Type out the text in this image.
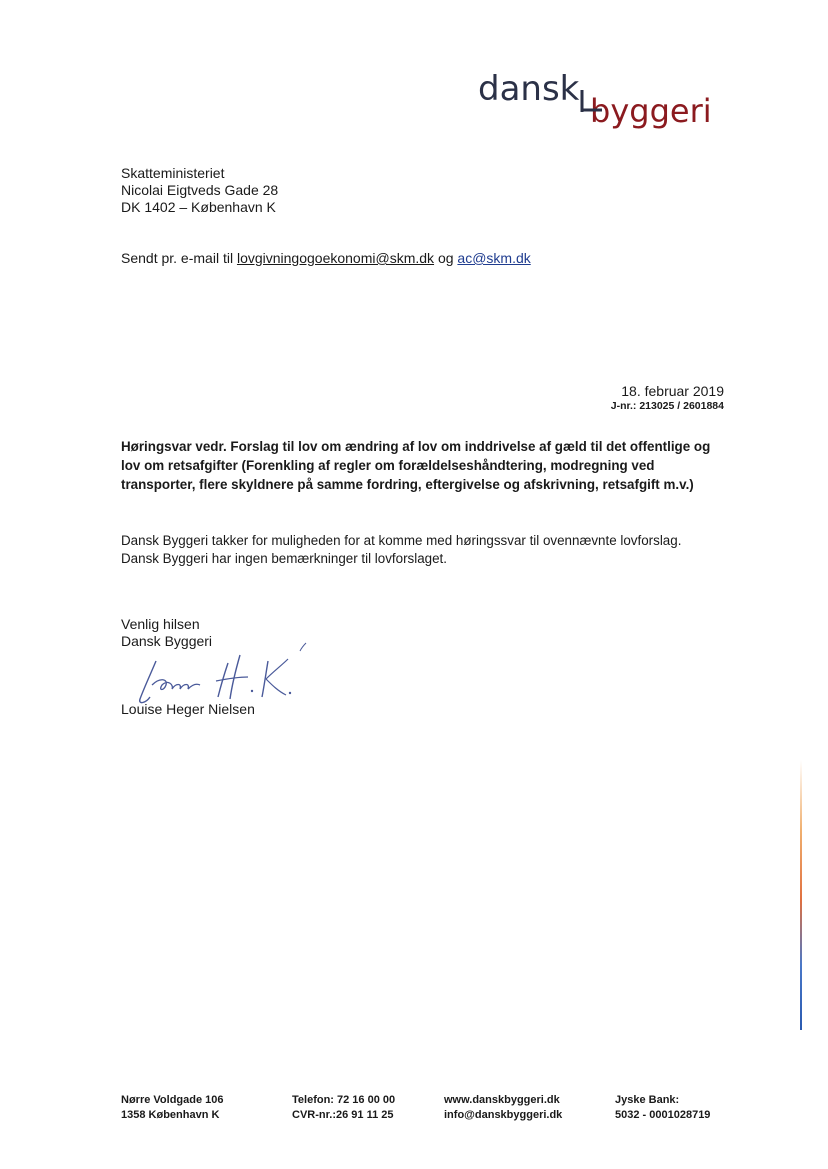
dansk
byggeri
Skatteministeriet
Nicolai Eigtveds Gade 28
DK 1402 – København K
Sendt pr. e-mail til lovgivningogoekonomi@skm.dk og ac@skm.dk
18. februar 2019
J-nr.: 213025 / 2601884
Høringsvar vedr. Forslag til lov om ændring af lov om inddrivelse af gæld til det offentlige og lov om retsafgifter (Forenkling af regler om forældelseshåndtering, modregning ved transporter, flere skyldnere på samme fordring, eftergivelse og afskrivning, retsafgift m.v.)
Dansk Byggeri takker for muligheden for at komme med høringssvar til ovennævnte lovforslag. Dansk Byggeri har ingen bemærkninger til lovforslaget.
Venlig hilsen
Dansk Byggeri
Louise Heger Nielsen
Nørre Voldgade 106
1358 København K
Telefon: 72 16 00 00
CVR-nr.:26 91 11 25
www.danskbyggeri.dk
info@danskbyggeri.dk
Jyske Bank:
5032 - 0001028719
